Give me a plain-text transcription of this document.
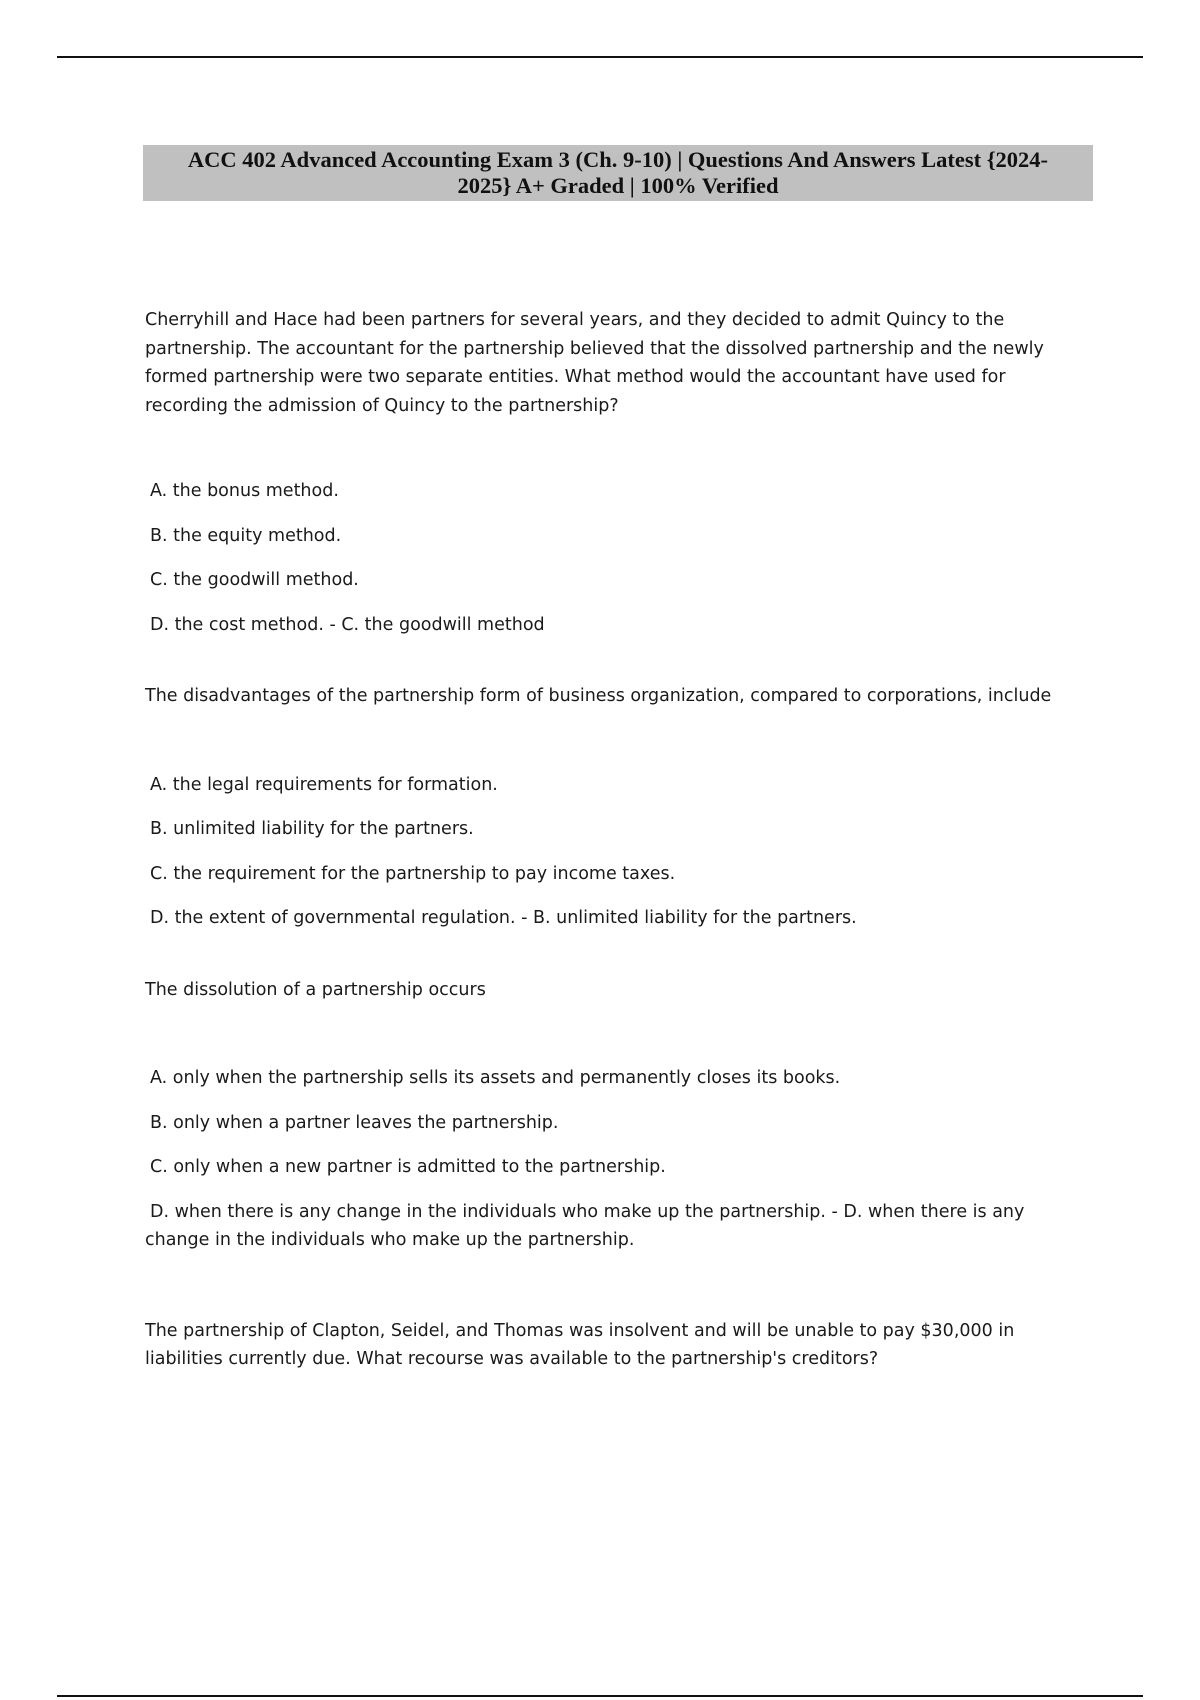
ACC 402 Advanced Accounting Exam 3 (Ch. 9-10) | Questions And Answers Latest {2024-
2025} A+ Graded | 100% Verified
Cherryhill and Hace had been partners for several years, and they decided to admit Quincy to the
partnership. The accountant for the partnership believed that the dissolved partnership and the newly
formed partnership were two separate entities. What method would the accountant have used for
recording the admission of Quincy to the partnership?
A. the bonus method.
B. the equity method.
C. the goodwill method.
D. the cost method. - C. the goodwill method
The disadvantages of the partnership form of business organization, compared to corporations, include
A. the legal requirements for formation.
B. unlimited liability for the partners.
C. the requirement for the partnership to pay income taxes.
D. the extent of governmental regulation. - B. unlimited liability for the partners.
The dissolution of a partnership occurs
A. only when the partnership sells its assets and permanently closes its books.
B. only when a partner leaves the partnership.
C. only when a new partner is admitted to the partnership.
D. when there is any change in the individuals who make up the partnership. - D. when there is any
change in the individuals who make up the partnership.
The partnership of Clapton, Seidel, and Thomas was insolvent and will be unable to pay $30,000 in
liabilities currently due. What recourse was available to the partnership's creditors?
